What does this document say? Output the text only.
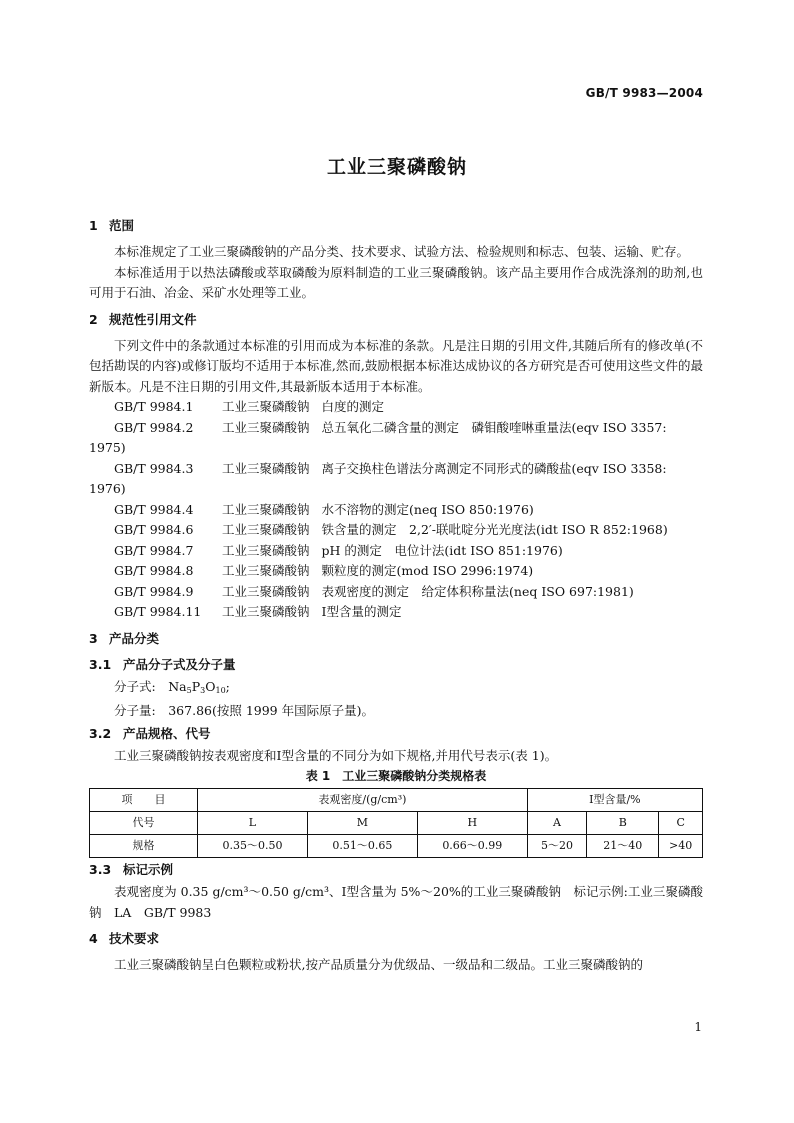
GB/T 9983—2004
工业三聚磷酸钠
1 范围

本标准规定了工业三聚磷酸钠的产品分类、技术要求、试验方法、检验规则和标志、包装、运输、贮存。

本标准适用于以热法磷酸或萃取磷酸为原料制造的工业三聚磷酸钠。该产品主要用作合成洗涤剂的助剂,也可用于石油、冶金、采矿水处理等工业。

2 规范性引用文件

下列文件中的条款通过本标准的引用而成为本标准的条款。凡是注日期的引用文件,其随后所有的修改单(不包括勘误的内容)或修订版均不适用于本标准,然而,鼓励根据本标准达成协议的各方研究是否可使用这些文件的最新版本。凡是不注日期的引用文件,其最新版本适用于本标准。

GB/T 9984.1 工业三聚磷酸钠 白度的测定
GB/T 9984.2 工业三聚磷酸钠 总五氧化二磷含量的测定　磷钼酸喹啉重量法(eqv ISO 3357:
1975)
GB/T 9984.3 工业三聚磷酸钠 离子交换柱色谱法分离测定不同形式的磷酸盐(eqv ISO 3358:
1976)
GB/T 9984.4 工业三聚磷酸钠 水不溶物的测定(neq ISO 850:1976)
GB/T 9984.6 工业三聚磷酸钠 铁含量的测定　2,2′-联吡啶分光光度法(idt ISO R 852:1968)
GB/T 9984.7 工业三聚磷酸钠 pH 的测定　电位计法(idt ISO 851:1976)
GB/T 9984.8 工业三聚磷酸钠 颗粒度的测定(mod ISO 2996:1974)
GB/T 9984.9 工业三聚磷酸钠 表观密度的测定　给定体积称量法(neq ISO 697:1981)
GB/T 9984.11 工业三聚磷酸钠 Ⅰ型含量的测定
3 产品分类
3.1 产品分子式及分子量
分子式:　 $Na_5P_3O_{10}$;
分子量:　 367.86(按照 1999 年国际原子量)。
3.2 产品规格、代号

工业三聚磷酸钠按表观密度和Ⅰ型含量的不同分为如下规格,并用代号表示(表 1)。

表 1　工业三聚磷酸钠分类规格表
项　　目	表观密度/(g/cm³)			Ⅰ型含量/%		
代号	L	M	H	A	B	C
规格	0.35～0.50	0.51～0.65	0.66～0.99	5～20	21～40	>40
3.3 标记示例

表观密度为 0.35 g/cm³～0.50 g/cm³、Ⅰ型含量为 5%～20%的工业三聚磷酸钠　标记示例:工业三聚磷酸钠　LA　GB/T 9983

4 技术要求

工业三聚磷酸钠呈白色颗粒或粉状,按产品质量分为优级品、一级品和二级品。工业三聚磷酸钠的

1
